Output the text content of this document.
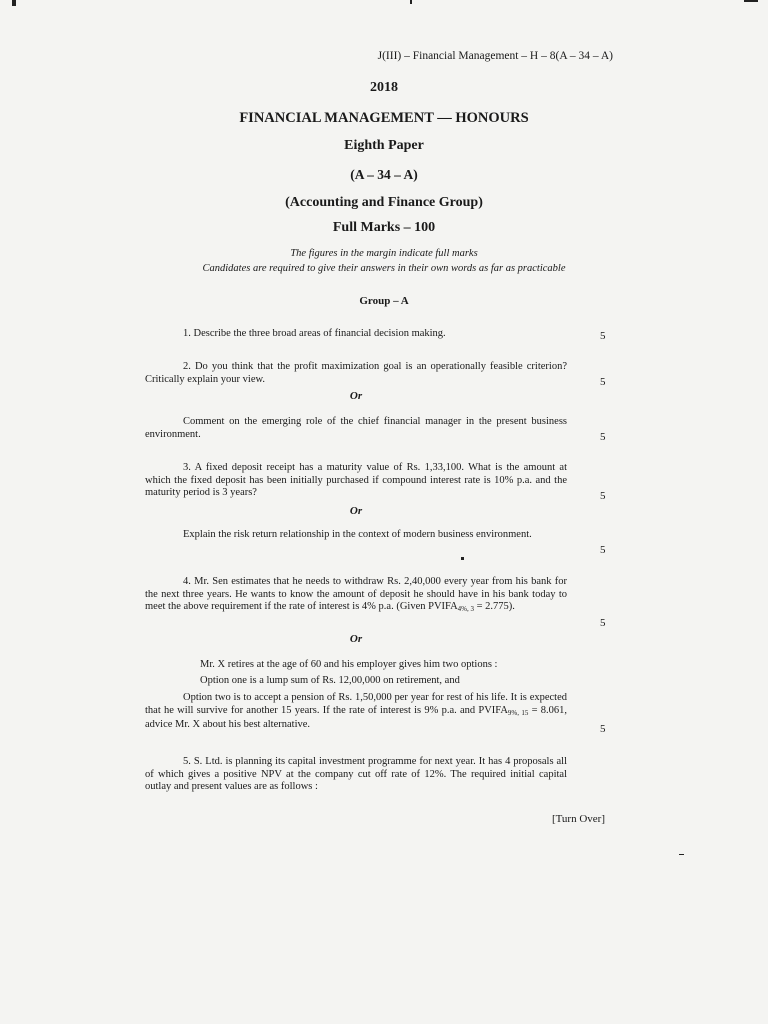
J(III) – Financial Management – H – 8(A – 34 – A)
2018
FINANCIAL MANAGEMENT — HONOURS
Eighth Paper
(A – 34 – A)
(Accounting and Finance Group)
Full Marks – 100
The figures in the margin indicate full marks
Candidates are required to give their answers in their own words as far as practicable
Group – A
1. Describe the three broad areas of financial decision making.	5
2. Do you think that the profit maximization goal is an operationally feasible criterion? Critically explain your view.	5
Or
Comment on the emerging role of the chief financial manager in the present business environment.	5
3. A fixed deposit receipt has a maturity value of Rs. 1,33,100. What is the amount at which the fixed deposit has been initially purchased if compound interest rate is 10% p.a. and the maturity period is 3 years?	5
Or
Explain the risk return relationship in the context of modern business environment.
5
4. Mr. Sen estimates that he needs to withdraw Rs. 2,40,000 every year from his bank for the next three years. He wants to know the amount of deposit he should have in his bank today to meet the above requirement if the rate of interest is 4% p.a. (Given $PVIFA_{4\%, 3} = 2.775$).
5
Or
Mr. X retires at the age of 60 and his employer gives him two options :
Option one is a lump sum of Rs. 12,00,000 on retirement, and
Option two is to accept a pension of Rs. 1,50,000 per year for rest of his life. It is expected that he will survive for another 15 years. If the rate of interest is 9% p.a. and $PVIFA_{9\%, 15} = 8.061$, advice Mr. X about his best alternative.	5
5. S. Ltd. is planning its capital investment programme for next year. It has 4 proposals all of which gives a positive NPV at the company cut off rate of 12%. The required initial capital outlay and present values are as follows :
[Turn Over]
